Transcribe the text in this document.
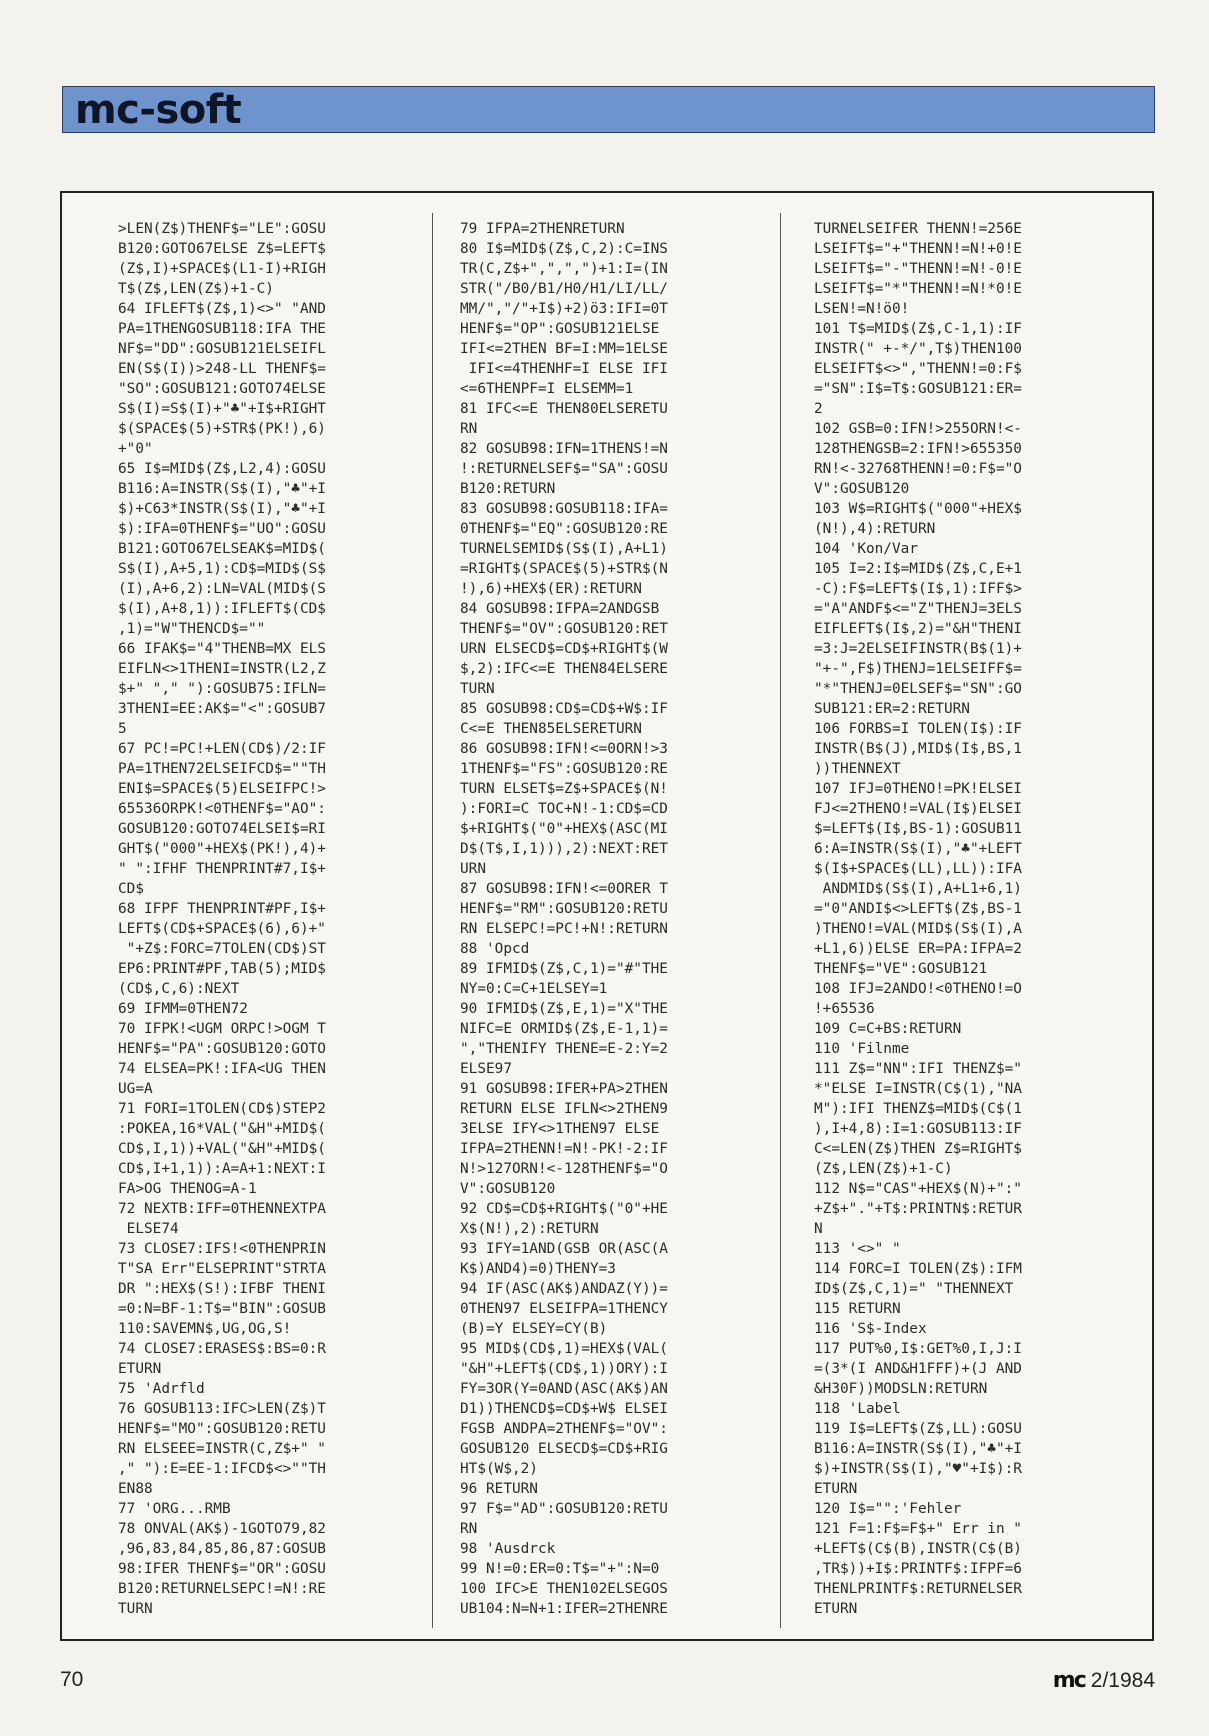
mc-soft
>LEN(Z$)THENF$="LE":GOSU
B120:GOTO67ELSE Z$=LEFT$
(Z$,I)+SPACE$(L1-I)+RIGH
T$(Z$,LEN(Z$)+1-C)
64 IFLEFT$(Z$,1)<>" "AND
PA=1THENGOSUB118:IFA THE
NF$="DD":GOSUB121ELSEIFL
EN(S$(I))>248-LL THENF$=
"SO":GOSUB121:GOTO74ELSE
S$(I)=S$(I)+"♣"+I$+RIGHT
$(SPACE$(5)+STR$(PK!),6)
+"0"
65 I$=MID$(Z$,L2,4):GOSU
B116:A=INSTR(S$(I),"♣"+I
$)+C63*INSTR(S$(I),"♣"+I
$):IFA=0THENF$="UO":GOSU
B121:GOTO67ELSEAK$=MID$(
S$(I),A+5,1):CD$=MID$(S$
(I),A+6,2):LN=VAL(MID$(S
$(I),A+8,1)):IFLEFT$(CD$
,1)="W"THENCD$=""
66 IFAK$="4"THENB=MX ELS
EIFLN<>1THENI=INSTR(L2,Z
$+" "," "):GOSUB75:IFLN=
3THENI=EE:AK$="<":GOSUB7
5
67 PC!=PC!+LEN(CD$)/2:IF
PA=1THEN72ELSEIFCD$=""TH
ENI$=SPACE$(5)ELSEIFPC!>
65536ORPK!<0THENF$="AO":
GOSUB120:GOTO74ELSEI$=RI
GHT$("000"+HEX$(PK!),4)+
" ":IFHF THENPRINT#7,I$+
CD$
68 IFPF THENPRINT#PF,I$+
LEFT$(CD$+SPACE$(6),6)+"
"+Z$:FORC=7TOLEN(CD$)ST
EP6:PRINT#PF,TAB(5);MID$
(CD$,C,6):NEXT
69 IFMM=0THEN72
70 IFPK!<UGM ORPC!>OGM T
HENF$="PA":GOSUB120:GOTO
74 ELSEA=PK!:IFA<UG THEN
UG=A
71 FORI=1TOLEN(CD$)STEP2
:POKEA,16*VAL("&H"+MID$(
CD$,I,1))+VAL("&H"+MID$(
CD$,I+1,1)):A=A+1:NEXT:I
FA>OG THENOG=A-1
72 NEXTB:IFF=0THENNEXTPA
ELSE74
73 CLOSE7:IFS!<0THENPRIN
T"SA Err"ELSEPRINT"STRTA
DR ":HEX$(S!):IFBF THENI
=0:N=BF-1:T$="BIN":GOSUB
110:SAVEMN$,UG,OG,S!
74 CLOSE7:ERASES$:BS=0:R
ETURN
75 'Adrfld
76 GOSUB113:IFC>LEN(Z$)T
HENF$="MO":GOSUB120:RETU
RN ELSEEE=INSTR(C,Z$+" "
," "):E=EE-1:IFCD$<>""TH
EN88
77 'ORG...RMB
78 ONVAL(AK$)-1GOTO79,82
,96,83,84,85,86,87:GOSUB
98:IFER THENF$="OR":GOSU
B120:RETURNELSEPC!=N!:RE
TURN
79 IFPA=2THENRETURN
80 I$=MID$(Z$,C,2):C=INS
TR(C,Z$+",",",")+1:I=(IN
STR("/B0/B1/H0/H1/LI/LL/
MM/","/"+I$)+2)ö3:IFI=0T
HENF$="OP":GOSUB121ELSE
IFI<=2THEN BF=I:MM=1ELSE
IFI<=4THENHF=I ELSE IFI
<=6THENPF=I ELSEMM=1
81 IFC<=E THEN80ELSERETU
RN
82 GOSUB98:IFN=1THENS!=N
!:RETURNELSEF$="SA":GOSU
B120:RETURN
83 GOSUB98:GOSUB118:IFA=
0THENF$="EQ":GOSUB120:RE
TURNELSEMID$(S$(I),A+L1)
=RIGHT$(SPACE$(5)+STR$(N
!),6)+HEX$(ER):RETURN
84 GOSUB98:IFPA=2ANDGSB
THENF$="OV":GOSUB120:RET
URN ELSECD$=CD$+RIGHT$(W
$,2):IFC<=E THEN84ELSERE
TURN
85 GOSUB98:CD$=CD$+W$:IF
C<=E THEN85ELSERETURN
86 GOSUB98:IFN!<=0ORN!>3
1THENF$="FS":GOSUB120:RE
TURN ELSET$=Z$+SPACE$(N!
):FORI=C TOC+N!-1:CD$=CD
$+RIGHT$("0"+HEX$(ASC(MI
D$(T$,I,1))),2):NEXT:RET
URN
87 GOSUB98:IFN!<=0ORER T
HENF$="RM":GOSUB120:RETU
RN ELSEPC!=PC!+N!:RETURN
88 'Opcd
89 IFMID$(Z$,C,1)="#"THE
NY=0:C=C+1ELSEY=1
90 IFMID$(Z$,E,1)="X"THE
NIFC=E ORMID$(Z$,E-1,1)=
","THENIFY THENE=E-2:Y=2
ELSE97
91 GOSUB98:IFER+PA>2THEN
RETURN ELSE IFLN<>2THEN9
3ELSE IFY<>1THEN97 ELSE
IFPA=2THENN!=N!-PK!-2:IF
N!>127ORN!<-128THENF$="O
V":GOSUB120
92 CD$=CD$+RIGHT$("0"+HE
X$(N!),2):RETURN
93 IFY=1AND(GSB OR(ASC(A
K$)AND4)=0)THENY=3
94 IF(ASC(AK$)ANDAZ(Y))=
0THEN97 ELSEIFPA=1THENCY
(B)=Y ELSEY=CY(B)
95 MID$(CD$,1)=HEX$(VAL(
"&H"+LEFT$(CD$,1))ORY):I
FY=3OR(Y=0AND(ASC(AK$)AN
D1))THENCD$=CD$+W$ ELSEI
FGSB ANDPA=2THENF$="OV":
GOSUB120 ELSECD$=CD$+RIG
HT$(W$,2)
96 RETURN
97 F$="AD":GOSUB120:RETU
RN
98 'Ausdrck
99 N!=0:ER=0:T$="+":N=0
100 IFC>E THEN102ELSEGOS
UB104:N=N+1:IFER=2THENRE
TURNELSEIFER THENN!=256E
LSEIFT$="+"THENN!=N!+0!E
LSEIFT$="-"THENN!=N!-0!E
LSEIFT$="*"THENN!=N!*0!E
LSEN!=N!ö0!
101 T$=MID$(Z$,C-1,1):IF
INSTR(" +-*/",T$)THEN100
ELSEIFT$<>","THENN!=0:F$
="SN":I$=T$:GOSUB121:ER=
2
102 GSB=0:IFN!>255ORN!<-
128THENGSB=2:IFN!>655350
RN!<-32768THENN!=0:F$="O
V":GOSUB120
103 W$=RIGHT$("000"+HEX$
(N!),4):RETURN
104 'Kon/Var
105 I=2:I$=MID$(Z$,C,E+1
-C):F$=LEFT$(I$,1):IFF$>
="A"ANDF$<="Z"THENJ=3ELS
EIFLEFT$(I$,2)="&H"THENI
=3:J=2ELSEIFINSTR(B$(1)+
"+-",F$)THENJ=1ELSEIFF$=
"*"THENJ=0ELSEF$="SN":GO
SUB121:ER=2:RETURN
106 FORBS=I TOLEN(I$):IF
INSTR(B$(J),MID$(I$,BS,1
))THENNEXT
107 IFJ=0THENO!=PK!ELSEI
FJ<=2THENO!=VAL(I$)ELSEI
$=LEFT$(I$,BS-1):GOSUB11
6:A=INSTR(S$(I),"♣"+LEFT
$(I$+SPACE$(LL),LL)):IFA
ANDMID$(S$(I),A+L1+6,1)
="0"ANDI$<>LEFT$(Z$,BS-1
)THENO!=VAL(MID$(S$(I),A
+L1,6))ELSE ER=PA:IFPA=2
THENF$="VE":GOSUB121
108 IFJ=2ANDO!<0THENO!=O
!+65536
109 C=C+BS:RETURN
110 'Filnme
111 Z$="NN":IFI THENZ$="
*"ELSE I=INSTR(C$(1),"NA
M"):IFI THENZ$=MID$(C$(1
),I+4,8):I=1:GOSUB113:IF
C<=LEN(Z$)THEN Z$=RIGHT$
(Z$,LEN(Z$)+1-C)
112 N$="CAS"+HEX$(N)+":"
+Z$+"."+T$:PRINTN$:RETUR
N
113 '<>" "
114 FORC=I TOLEN(Z$):IFM
ID$(Z$,C,1)=" "THENNEXT
115 RETURN
116 'S$-Index
117 PUT%0,I$:GET%0,I,J:I
=(3*(I AND&H1FFF)+(J AND
&H30F))MODSLN:RETURN
118 'Label
119 I$=LEFT$(Z$,LL):GOSU
B116:A=INSTR(S$(I),"♣"+I
$)+INSTR(S$(I),"♥"+I$):R
ETURN
120 I$="":'Fehler
121 F=1:F$=F$+" Err in "
+LEFT$(C$(B),INSTR(C$(B)
,TR$))+I$:PRINTF$:IFPF=6
THENLPRINTF$:RETURNELSER
ETURN
70	mc 2/1984
